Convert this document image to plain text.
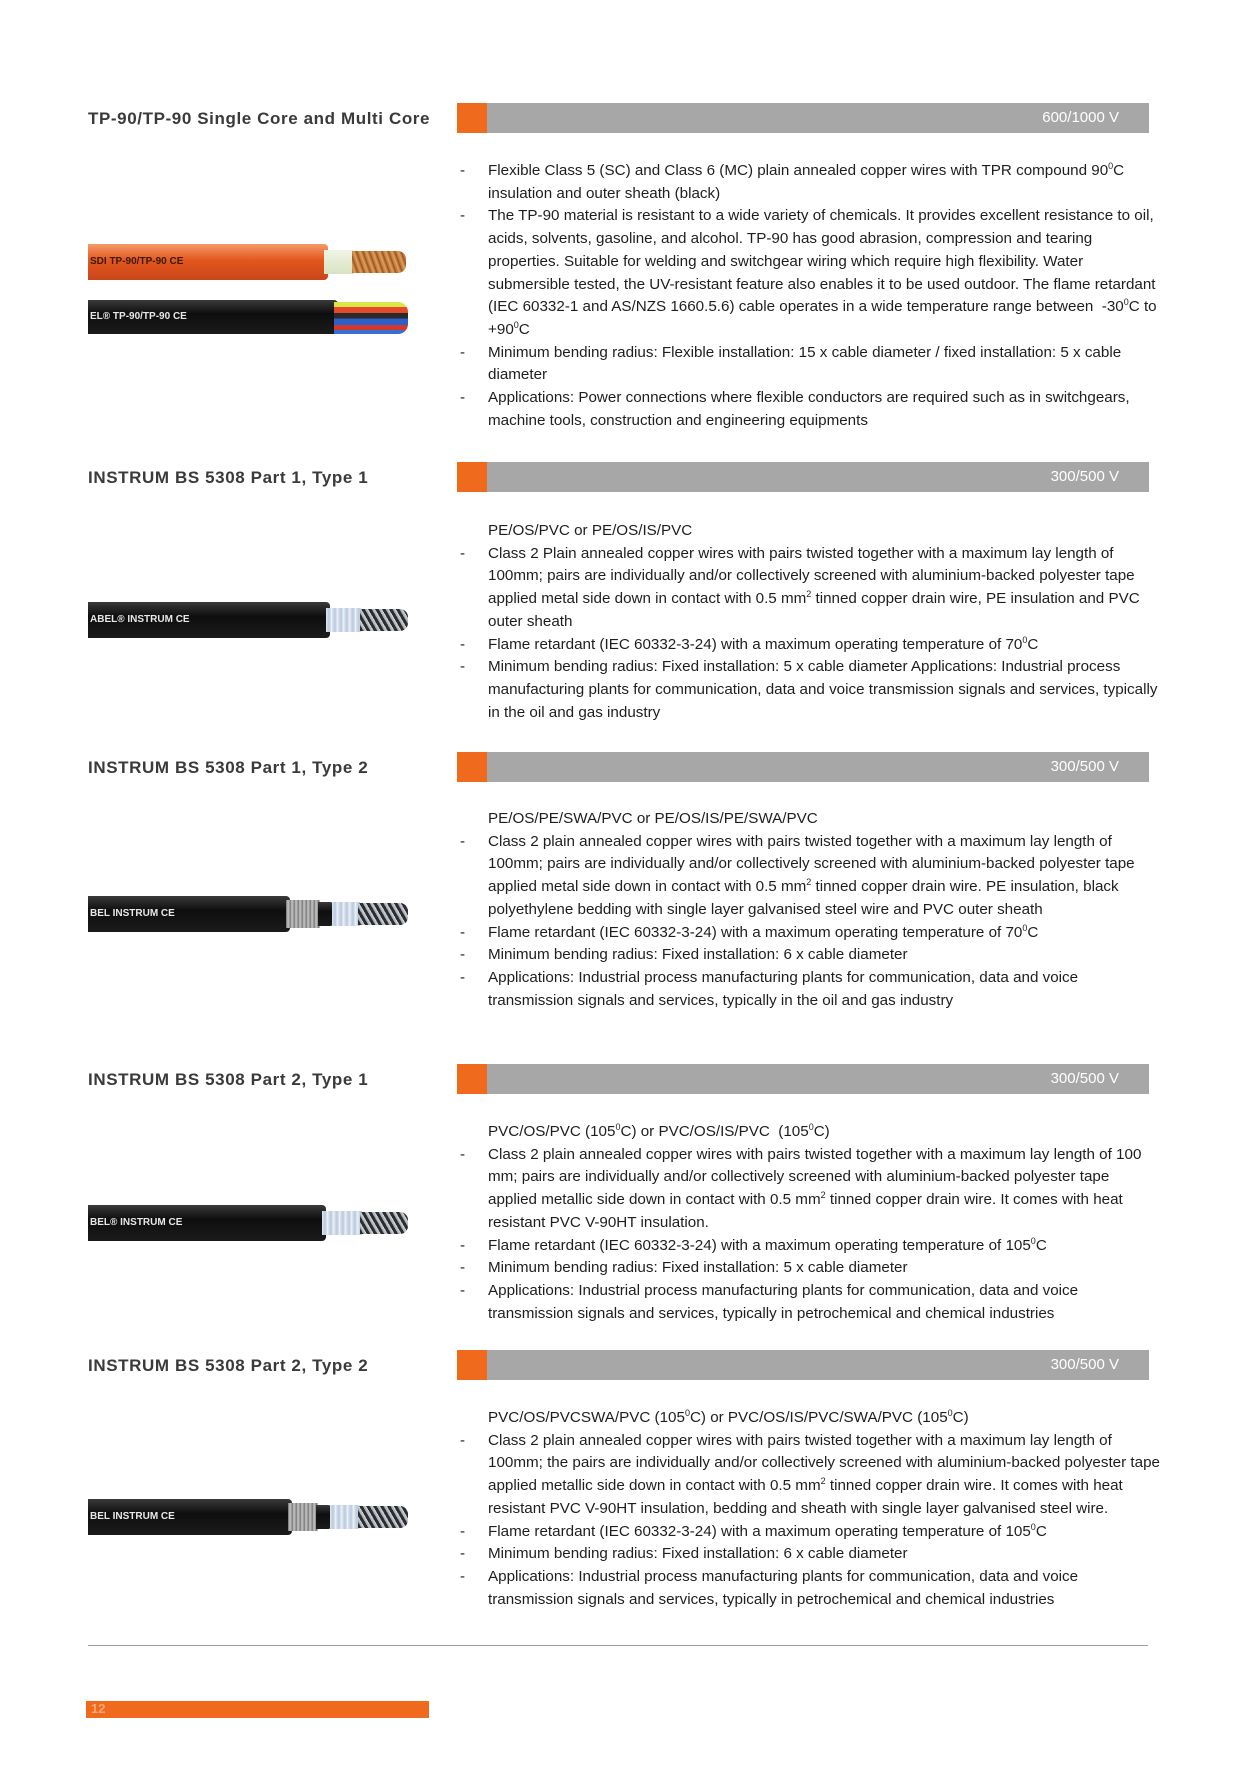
TP-90/TP-90 Single Core and Multi Core	600/1000 V
SDI TP-90/TP-90 CE
EL® TP-90/TP-90 CE
- Flexible Class 5 (SC) and Class 6 (MC) plain annealed copper wires with TPR compound $90^0C$ insulation and outer sheath (black)
- The TP-90 material is resistant to a wide variety of chemicals. It provides excellent resistance to oil, acids, solvents, gasoline, and alcohol. TP-90 has good abrasion, compression and tearing properties. Suitable for welding and switchgear wiring which require high flexibility. Water submersible tested, the UV-resistant feature also enables it to be used outdoor. The flame retardant (IEC 60332-1 and AS/NZS 1660.5.6) cable operates in a wide temperature range between  $-30^0C$ to $+90^0C$
- Minimum bending radius: Flexible installation: 15 x cable diameter / fixed installation: 5 x cable diameter
- Applications: Power connections where flexible conductors are required such as in switchgears, machine tools, construction and engineering equipments
INSTRUM BS 5308 Part 1, Type 1	300/500 V
ABEL® INSTRUM CE
PE/OS/PVC or PE/OS/IS/PVC
- Class 2 Plain annealed copper wires with pairs twisted together with a maximum lay length of 100mm; pairs are individually and/or collectively screened with aluminium-backed polyester tape applied metal side down in contact with 0.5 $mm^2$ tinned copper drain wire, PE insulation and PVC outer sheath
- Flame retardant (IEC 60332-3-24) with a maximum operating temperature of $70^0C$
- Minimum bending radius: Fixed installation: 5 x cable diameter Applications: Industrial process manufacturing plants for communication, data and voice transmission signals and services, typically in the oil and gas industry
INSTRUM BS 5308 Part 1, Type 2	300/500 V
BEL INSTRUM CE
PE/OS/PE/SWA/PVC or PE/OS/IS/PE/SWA/PVC
- Class 2 plain annealed copper wires with pairs twisted together with a maximum lay length of 100mm; pairs are individually and/or collectively screened with aluminium-backed polyester tape applied metal side down in contact with 0.5 $mm^2$ tinned copper drain wire. PE insulation, black polyethylene bedding with single layer galvanised steel wire and PVC outer sheath
- Flame retardant (IEC 60332-3-24) with a maximum operating temperature of $70^0C$
- Minimum bending radius: Fixed installation: 6 x cable diameter
- Applications: Industrial process manufacturing plants for communication, data and voice transmission signals and services, typically in the oil and gas industry
INSTRUM BS 5308 Part 2, Type 1	300/500 V
BEL® INSTRUM CE
PVC/OS/PVC $(105^0C)$ or PVC/OS/IS/PVC  $(105^0C)$
- Class 2 plain annealed copper wires with pairs twisted together with a maximum lay length of 100 mm; pairs are individually and/or collectively screened with aluminium-backed polyester tape applied metallic side down in contact with 0.5 $mm^2$ tinned copper drain wire. It comes with heat resistant PVC V-90HT insulation.
- Flame retardant (IEC 60332-3-24) with a maximum operating temperature of $105^0C$
- Minimum bending radius: Fixed installation: 5 x cable diameter
- Applications: Industrial process manufacturing plants for communication, data and voice transmission signals and services, typically in petrochemical and chemical industries
INSTRUM BS 5308 Part 2, Type 2	300/500 V
BEL INSTRUM CE
PVC/OS/PVCSWA/PVC $(105^0C)$ or PVC/OS/IS/PVC/SWA/PVC $(105^0C)$
- Class 2 plain annealed copper wires with pairs twisted together with a maximum lay length of 100mm; the pairs are individually and/or collectively screened with aluminium-backed polyester tape applied metallic side down in contact with 0.5 $mm^2$ tinned copper drain wire. It comes with heat resistant PVC V-90HT insulation, bedding and sheath with single layer galvanised steel wire.
- Flame retardant (IEC 60332-3-24) with a maximum operating temperature of $105^0C$
- Minimum bending radius: Fixed installation: 6 x cable diameter
- Applications: Industrial process manufacturing plants for communication, data and voice transmission signals and services, typically in petrochemical and chemical industries
12
